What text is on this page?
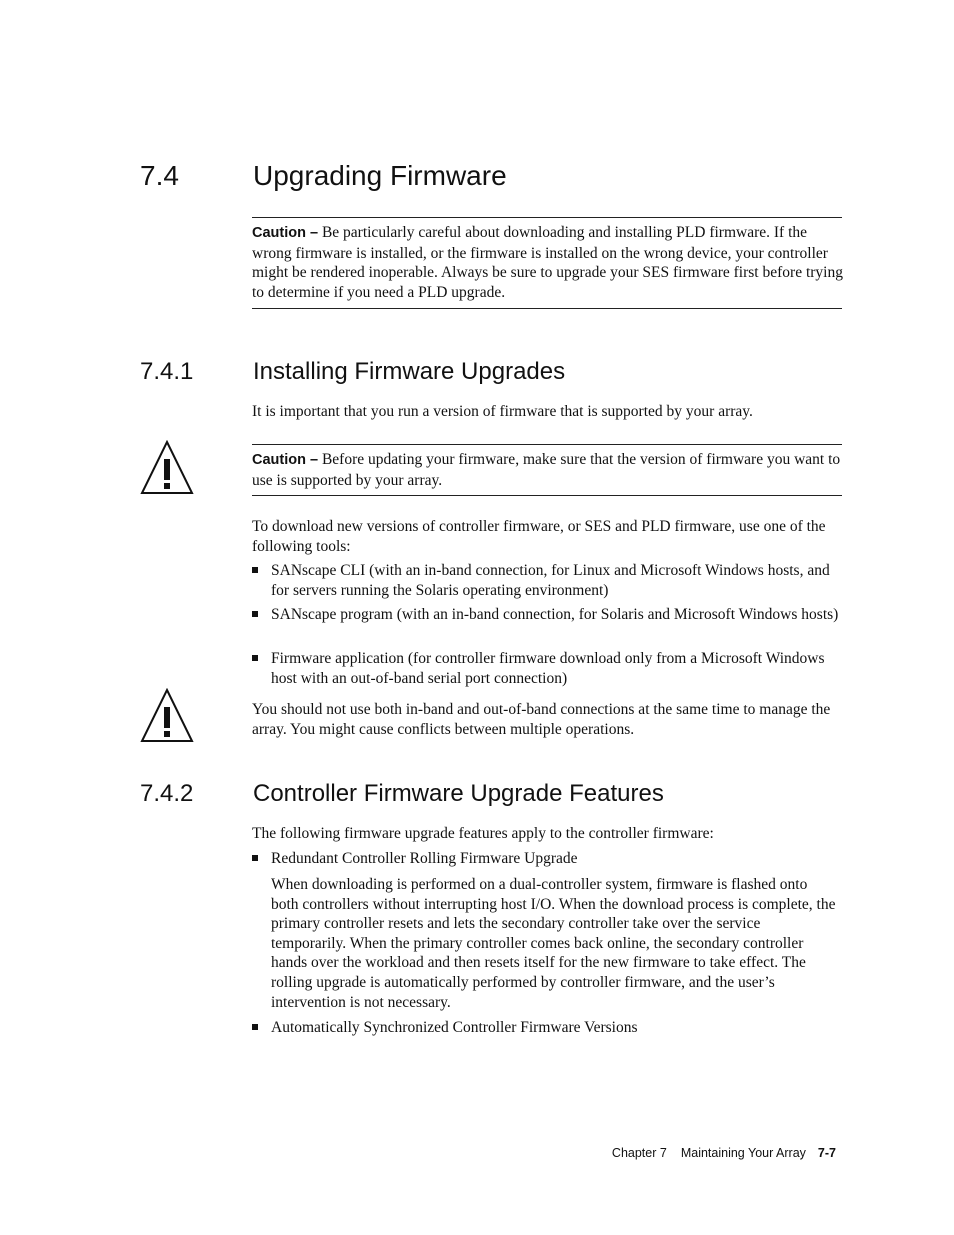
7.4	Upgrading Firmware
Caution – Be particularly careful about downloading and installing PLD firmware. If the wrong firmware is installed, or the firmware is installed on the wrong device, your controller might be rendered inoperable. Always be sure to upgrade your SES firmware first before trying to determine if you need a PLD upgrade.
7.4.1 Installing Firmware Upgrades
It is important that you run a version of firmware that is supported by your array.
Caution – Before updating your firmware, make sure that the version of firmware you want to use is supported by your array.
To download new versions of controller firmware, or SES and PLD firmware, use one of the following tools:
SANscape CLI (with an in-band connection, for Linux and Microsoft Windows hosts, and for servers running the Solaris operating environment)
SANscape program (with an in-band connection, for Solaris and Microsoft Windows hosts)
Firmware application (for controller firmware download only from a Microsoft Windows host with an out-of-band serial port connection)
You should not use both in-band and out-of-band connections at the same time to manage the array. You might cause conflicts between multiple operations.
7.4.2 Controller Firmware Upgrade Features
The following firmware upgrade features apply to the controller firmware:
Redundant Controller Rolling Firmware Upgrade
When downloading is performed on a dual-controller system, firmware is flashed onto both controllers without interrupting host I/O. When the download process is complete, the primary controller resets and lets the secondary controller take over the service temporarily. When the primary controller comes back online, the secondary controller hands over the workload and then resets itself for the new firmware to take effect. The rolling upgrade is automatically performed by controller firmware, and the user’s intervention is not necessary.
Automatically Synchronized Controller Firmware Versions
Chapter 7 Maintaining Your Array 7-7
